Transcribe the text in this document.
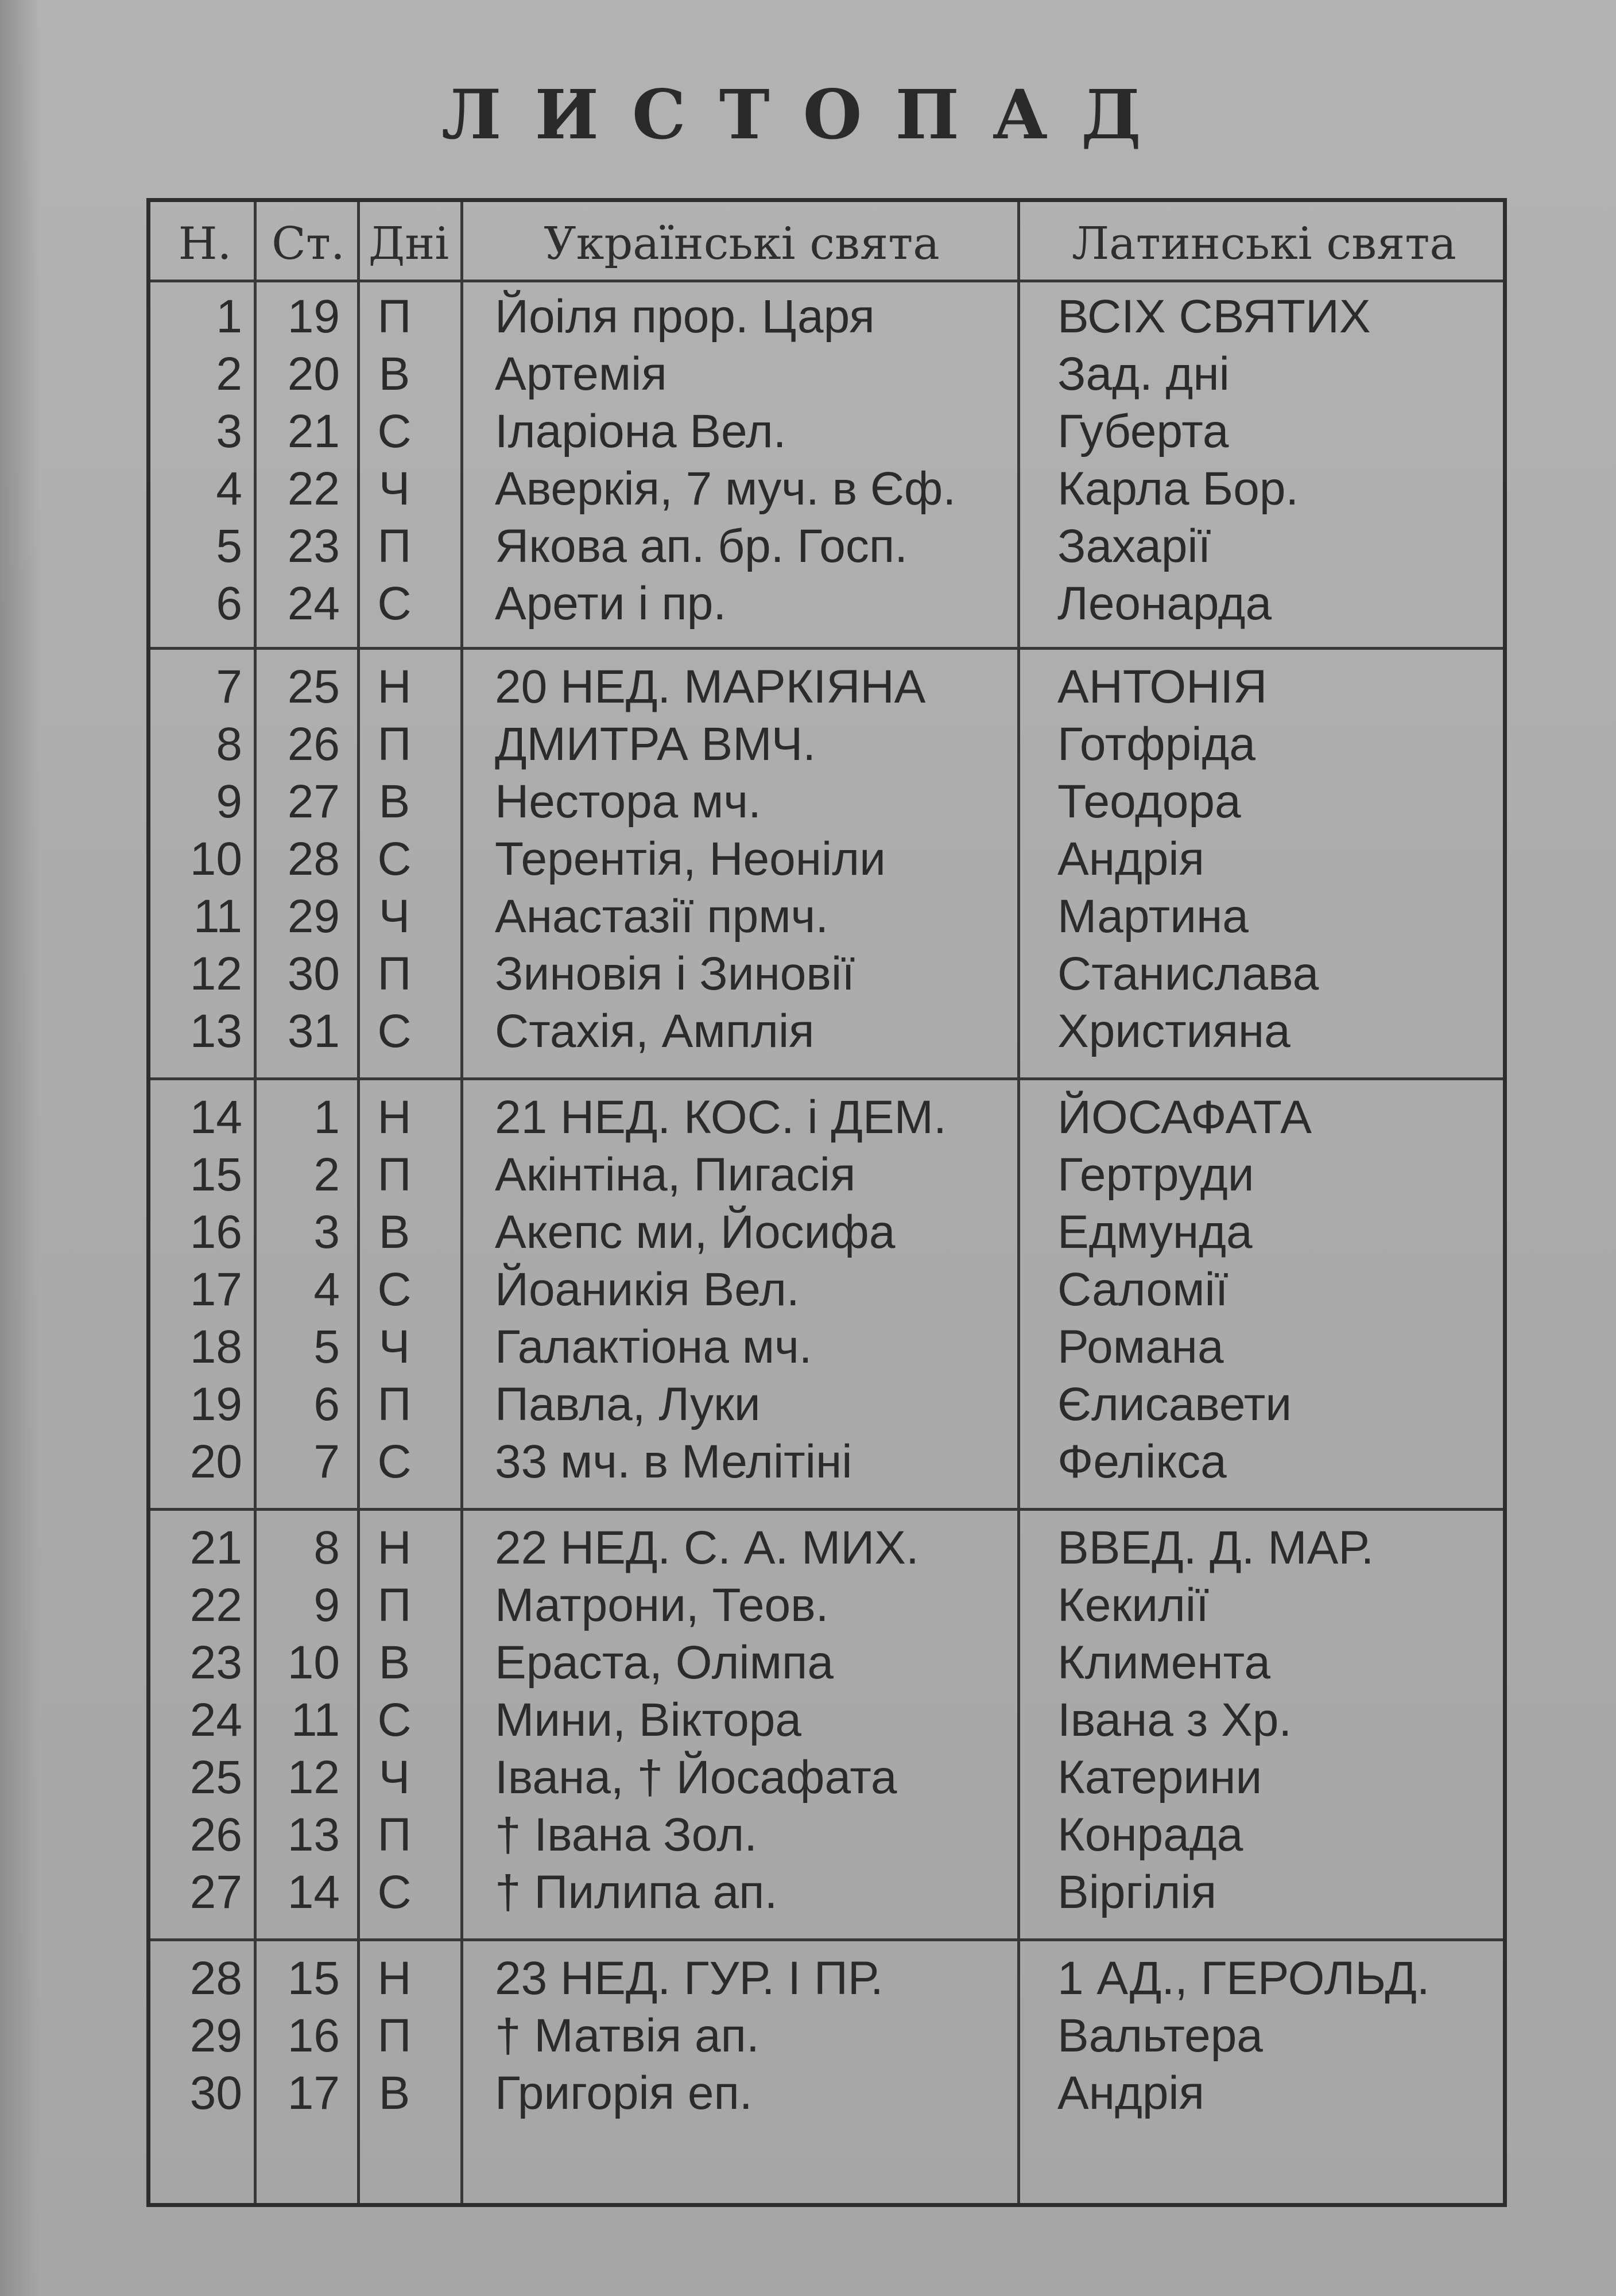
ЛИСТОПАД
Н. Ст. Дні	Українські свята	Латинські свята
1 19 П	Йоіля прор. Царя	ВСІХ СВЯТИХ
2 20 В	Артемія	Зад. дні
3 21 С	Іларіона Вел.	Губерта
4 22 Ч	Аверкія, 7 муч. в Єф.	Карла Бор.
5 23 П	Якова ап. бр. Госп.	Захарії
6 24 С	Арети і пр.	Леонарда
7 25 Н	20 НЕД. МАРКІЯНА	АНТОНІЯ
8 26 П	ДМИТРА ВМЧ.	Готфріда
9 27 В	Нестора мч.	Теодора
10 28 С	Терентія, Неоніли	Андрія
11 29 Ч	Анастазії прмч.	Мартина
12 30 П	Зиновія і Зиновії	Станислава
13 31 С	Стахія, Амплія	Християна
14	1 Н	21 НЕД. КОС. і ДЕМ.	ЙОСАФАТА
15	2 П	Акінтіна, Пигасія	Гертруди
16	3 В	Акепс ми, Йосифа	Едмунда
17	4 С	Йоаникія Вел.	Саломії
18	5 Ч	Галактіона мч.	Романа
19	6 П	Павла, Луки	Єлисавети
20	7 С	33 мч. в Мелітіні	Фелікса
21	8 Н	22 НЕД. С. А. МИХ.	ВВЕД. Д. МАР.
22	9 П	Матрони, Теов.	Кекилії
23 10 В	Ераста, Олімпа	Климента
24	11 С	Мини, Віктора	Івана з Хр.
25 12 Ч	Івана, † Йосафата	Катерини
26 13 П	† Івана Зол.	Конрада
27 14 С	† Пилипа ап.	Віргілія
28 15 Н	23 НЕД. ГУР. І ПР.	1 АД., ГЕРОЛЬД.
29 16 П	† Матвія ап.	Вальтера
30 17 В	Григорія еп.	Андрія
